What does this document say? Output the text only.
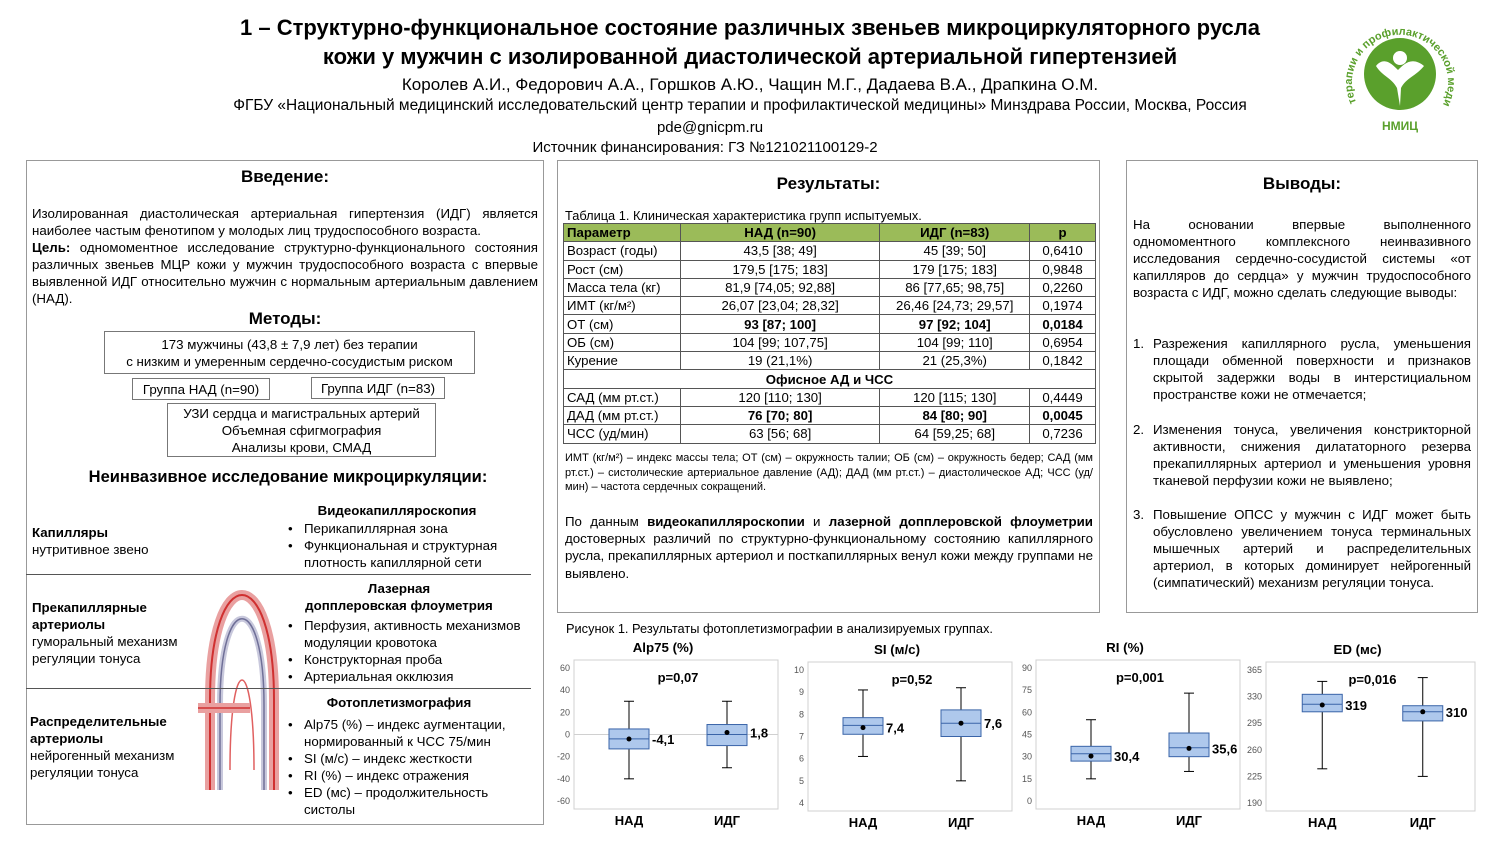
1 – Структурно-функциональное состояние различных звеньев микроциркуляторного русла
кожи у мужчин с изолированной диастолической артериальной гипертензией
Королев А.И., Федорович А.А., Горшков А.Ю., Чащин М.Г., Дадаева В.А., Драпкина О.М.
ФГБУ «Национальный медицинский исследовательский центр терапии и профилактической медицины» Минздрава России, Москва, Россия
pde@gnicpm.ru
Источник финансирования: ГЗ №121021100129-2
терапии и профилактической меди
НМИЦ
Введение:
Изолированная диастолическая артериальная гипертензия (ИДГ) является наиболее частым фенотипом у молодых лиц трудоспособного возраста.
Цель: одномоментное исследование структурно-функционального состояния различных звеньев МЦР кожи у мужчин трудоспособного возраста с впервые выявленной ИДГ относительно мужчин с нормальным артериальным давлением (НАД).
Методы:
173 мужчины (43,8 ± 7,9 лет) без терапии
с низким и умеренным сердечно-сосудистым риском
Группа НАД (n=90)	Группа ИДГ (n=83)
УЗИ сердца и магистральных артерий
Объемная сфигмография
Анализы крови, СМАД
Неинвазивное исследование микроциркуляции:
Капилляры
нутритивное звено
Прекапиллярные
артериолы
гуморальный механизм
регуляции тонуса
Распределительные
артериолы
нейрогенный механизм
регуляции тонуса
Видеокапилляроскопия
• Перикапиллярная зона
• Функциональная и структурная
плотность капиллярной сети
Лазерная
допплеровская флоуметрия
• Перфузия, активность механизмов
модуляции кровотока
• Конструкторная проба
• Артериальная окклюзия
Фотоплетизмография
• Alp75 (%) – индекс аугментации,
нормированный к ЧСС 75/мин
• SI (м/с) – индекс жесткости
• RI (%) – индекс отражения
• ED (мс) – продолжительность
систолы
Результаты:
Таблица 1. Клиническая характеристика групп испытуемых.
Параметр	НАД (n=90)	ИДГ (n=83)	p
Возраст (годы)	43,5 [38; 49]	45 [39; 50]	0,6410
Рост (см)	179,5 [175; 183]	179 [175; 183]	0,9848
Масса тела (кг)	81,9 [74,05; 92,88]	86 [77,65; 98,75]	0,2260
ИМТ (кг/м²)	26,07 [23,04; 28,32]	26,46 [24,73; 29,57]	0,1974
ОТ (см)	93 [87; 100]	97 [92; 104]	0,0184
ОБ (см)	104 [99; 107,75]	104 [99; 110]	0,6954
Курение	19 (21,1%)	21 (25,3%)	0,1842
Офисное АД и ЧСС			
САД (мм рт.ст.)	120 [110; 130]	120 [115; 130]	0,4449
ДАД (мм рт.ст.)	76 [70; 80]	84 [80; 90]	0,0045
ЧСС (уд/мин)	63 [56; 68]	64 [59,25; 68]	0,7236
ИМТ (кг/м²) – индекс массы тела; ОТ (см) – окружность талии; ОБ (см) – окружность бедер; САД (мм рт.ст.) – систолические артериальное давление (АД); ДАД (мм рт.ст.) – диастолическое АД; ЧСС (уд/мин) – частота сердечных сокращений.
По данным видеокапилляроскопии и лазерной допплеровской флоуметрии достоверных различий по структурно-функциональному состоянию капиллярного русла, прекапиллярных артериол и посткапиллярных венул кожи между группами не выявлено.
Выводы:
На основании впервые выполненного одномоментного комплексного неинвазивного исследования сердечно-сосудистой системы «от капилляров до сердца» у мужчин трудоспособного возраста с ИДГ, можно сделать следующие выводы:
1. Разрежения капиллярного русла, уменьшения площади обменной поверхности и признаков скрытой задержки воды в интерстициальном пространстве кожи не отмечается;
2. Изменения тонуса, увеличения констрикторной активности, снижения дилататорного резерва прекапиллярных артериол и уменьшения уровня тканевой перфузии кожи не выявлено;
3. Повышение ОПСС у мужчин с ИДГ может быть обусловлено увеличением тонуса терминальных мышечных артерий и распределительных артериол, в которых доминирует нейрогенный (симпатический) механизм регуляции тонуса.
Рисунок 1. Результаты фотоплетизмографии в анализируемых группах.
Alp75 (%)
-60
-40
-20
0
20
40
60
-4,1
НАД
1,8
ИДГ
p=0,07
SI (м/с)
4
5
6
7
8
9
10
7,4
НАД
7,6
ИДГ
p=0,52
RI (%)
0
15
30
45
60
75
90
30,4
НАД
35,6
ИДГ
p=0,001
ED (мс)
190
225
260
295
330
365
319
НАД
310
ИДГ
p=0,016
